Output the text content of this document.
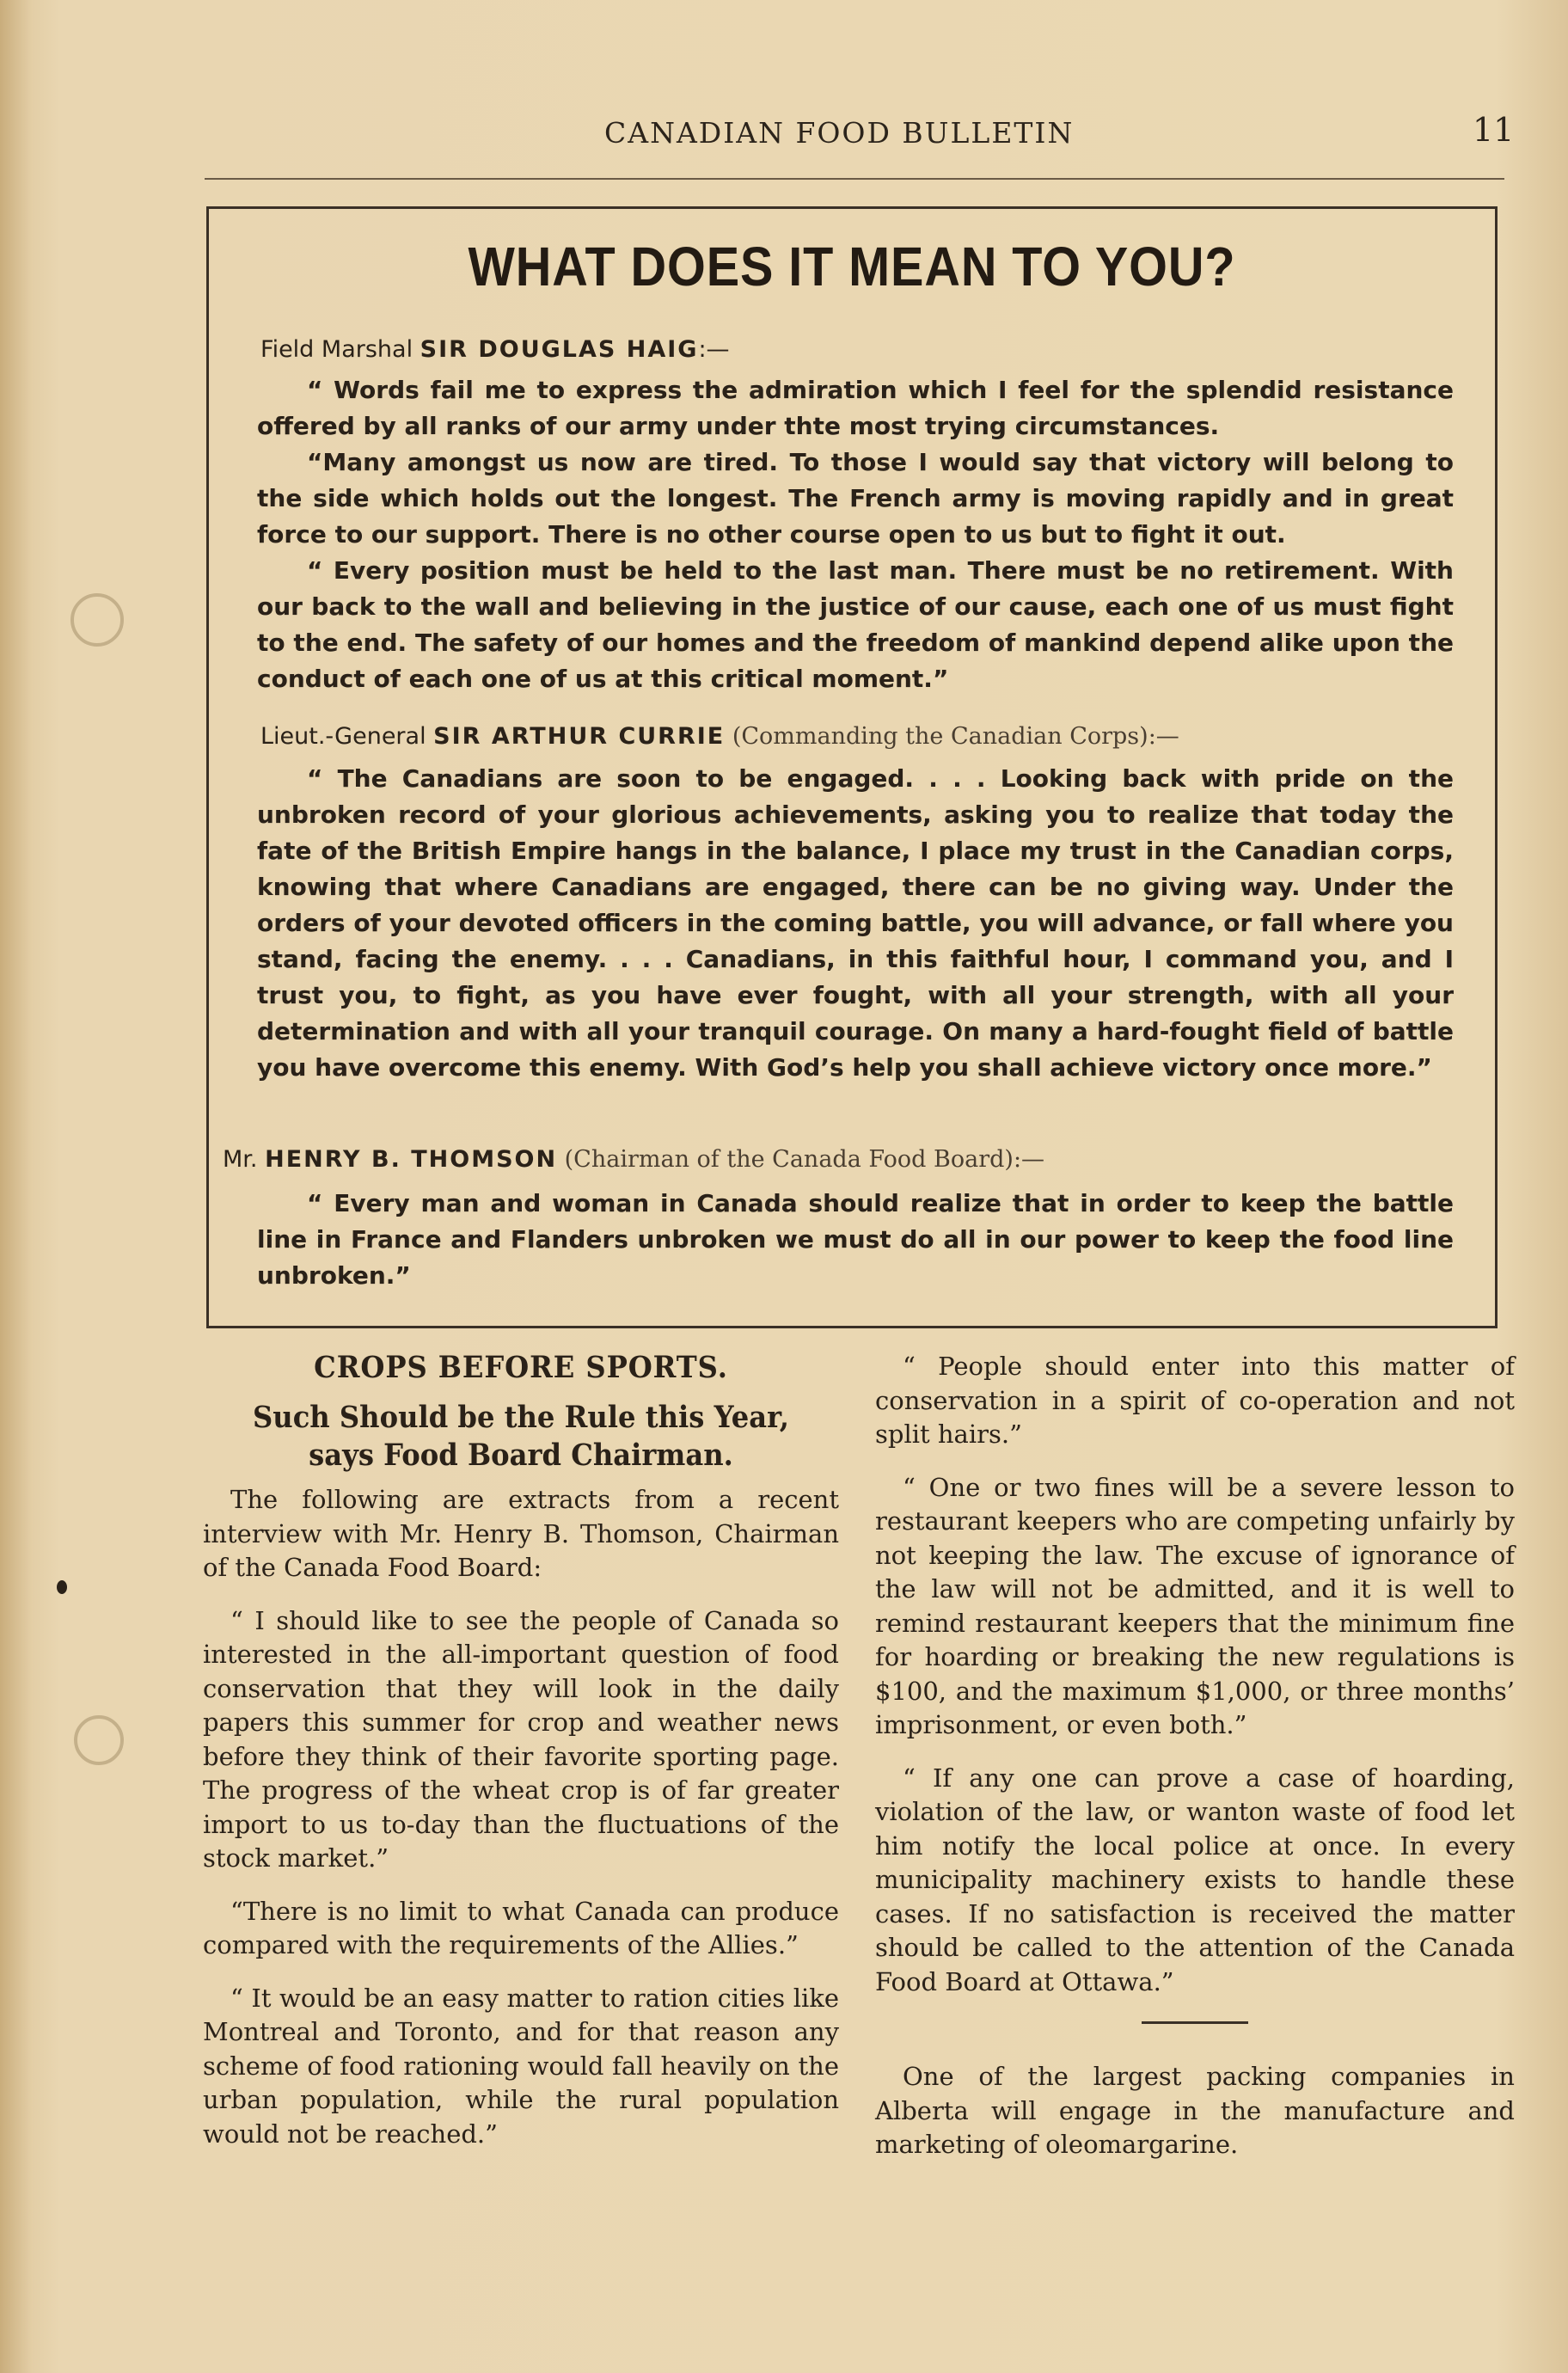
CANADIAN FOOD BULLETIN	11
WHAT DOES IT MEAN TO YOU?
Field Marshal SIR DOUGLAS HAIG:—

“ Words fail me to express the admiration which I feel for the splendid resistance offered by all ranks of our army under thte most trying circumstances.

“Many amongst us now are tired. To those I would say that victory will belong to the side which holds out the longest. The French army is moving rapidly and in great force to our support. There is no other course open to us but to fight it out.

“ Every position must be held to the last man. There must be no retirement. With our back to the wall and believing in the justice of our cause, each one of us must fight to the end. The safety of our homes and the freedom of mankind depend alike upon the conduct of each one of us at this critical moment.”

Lieut.-General SIR ARTHUR CURRIE (Commanding the Canadian Corps):—

“ The Canadians are soon to be engaged. . . . Looking back with pride on the unbroken record of your glorious achievements, asking you to realize that today the fate of the British Empire hangs in the balance, I place my trust in the Canadian corps, knowing that where Canadians are engaged, there can be no giving way. Under the orders of your devoted officers in the coming battle, you will advance, or fall where you stand, facing the enemy. . . . Canadians, in this faithful hour, I command you, and I trust you, to fight, as you have ever fought, with all your strength, with all your determination and with all your tranquil courage. On many a hard-fought field of battle you have overcome this enemy. With God’s help you shall achieve victory once more.”

Mr. HENRY B. THOMSON (Chairman of the Canada Food Board):—

“ Every man and woman in Canada should realize that in order to keep the battle line in France and Flanders unbroken we must do all in our power to keep the food line unbroken.”

CROPS BEFORE SPORTS.
Such Should be the Rule this Year, says Food Board Chairman.

The following are extracts from a recent interview with Mr. Henry B. Thomson, Chairman of the Canada Food Board:

“ I should like to see the people of Canada so interested in the all-important question of food conservation that they will look in the daily papers this summer for crop and weather news before they think of their favorite sporting page. The progress of the wheat crop is of far greater import to us to-day than the fluctuations of the stock market.”

“There is no limit to what Canada can produce compared with the requirements of the Allies.”

“ It would be an easy matter to ration cities like Montreal and Toronto, and for that reason any scheme of food rationing would fall heavily on the urban population, while the rural population would not be reached.”

“ People should enter into this matter of conservation in a spirit of co-operation and not split hairs.”

“ One or two fines will be a severe lesson to restaurant keepers who are competing unfairly by not keeping the law. The excuse of ignorance of the law will not be admitted, and it is well to remind restaurant keepers that the minimum fine for hoarding or breaking the new regulations is $100, and the maximum $1,000, or three months’ imprisonment, or even both.”

“ If any one can prove a case of hoarding, violation of the law, or wanton waste of food let him notify the local police at once. In every municipality machinery exists to handle these cases. If no satisfaction is received the matter should be called to the attention of the Canada Food Board at Ottawa.”

One of the largest packing companies in Alberta will engage in the manufacture and marketing of oleomargarine.
